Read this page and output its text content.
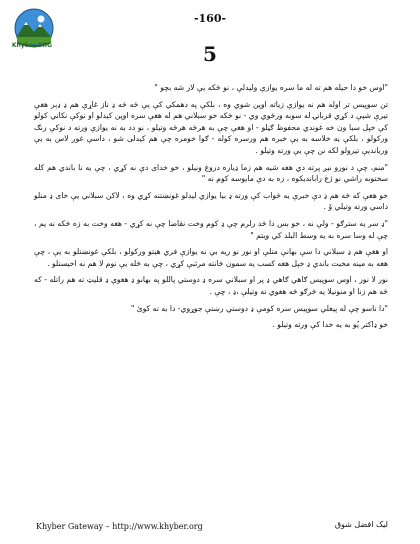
Khyber.ORG
-160-
5

"اوس خو دا حیله هم ته له ما سره یوازې ولیدلې ، نو ځکه یې لار شه بچو "

تن سوپیس تر اوله هم نه یوازې زیاته اوپن شوي وه ، بلکې په دهمکي کې یې ځه ځه ډ ناز غاړې هم ډ ډېر هغې تیرې شپې د کړي قربانۍ له سوبه ورځوي وي - نو ځکه خو سبلاني هم له هغې سره اوپن کیدلو او نوکې نکاني کولو کې خپل سبا ون خه غوندي محفوظ ګڼلو - او هغې چې به هرځه هرځه وتیلو ، نو دد به نه یوازې ورته د نوکې رنګ ورکولو ، بلکې یه خلاسه به یې خبره هم ورسره کوله - ګوا خومره چې هم کیدلی شو ، داسې غوږ لاس به یې وربانديې تیرولو لکه نن چې یې ورته وتیلو .

"منم، چې د نورو نیږ پرته دي هغه شیه هم زما ډیاره دروغ ونیلو ، خو خدای دې نه کړي ، چې یه نا باندي هم کله سختونه راشي نو ژغ رابانديکوه ، زه به دې مایوسه کوم نه "

خو هغې که څه هم ډ دې خبرې یه ځواب کې ورته ډ بیا یوازي لیدلو غونښتنه کړي وه ، لاکن سبلاني یې خای ډ منلو داسي ورته وتیلي وً .

"ډ سر یه سترګو - ولې نه ، خو بس دا څد رلرم چې ډ کوم وخت نقاضا چې نه کړي - هغه وخت به زه څکه نه یم ، چې له وسا سره به یه وسط البلد کي ویتم "

او هغې هم ډ سبلاني دا سې بهانې منلې او نور نو ریه بي نه یوازې فري هیتو ورکولو ، بلکې غونښتلو به یې ، چې هغه به مینه مخبت باندي ډ خپل هغه کسب یه سمون څانته مرئبې کړي ، چې به څله یې نوم لا هم نه اخیستلو .

نور لا نور ، اوس سوپیس ګاهي ګاهي ډ پر او سبلاني سره ډ دوستي پاللو په بهانو ډ هغوې ډ قلیټ ته هم راتله - که څه هم زنا او منونیلا یه څرګو څه هغوي ته وتیلې ،ډ ، چې .

"دا ناسو چې له پیغلي سوپیس سره کومې ډ دوستي رښتې جوړوي- دا به نه کوئ "

خو ډاکتر یُو به یه خدا کې ورته وتیلو .

Khyber Gateway – http://www.khyber.org	لیک افضل شوق
